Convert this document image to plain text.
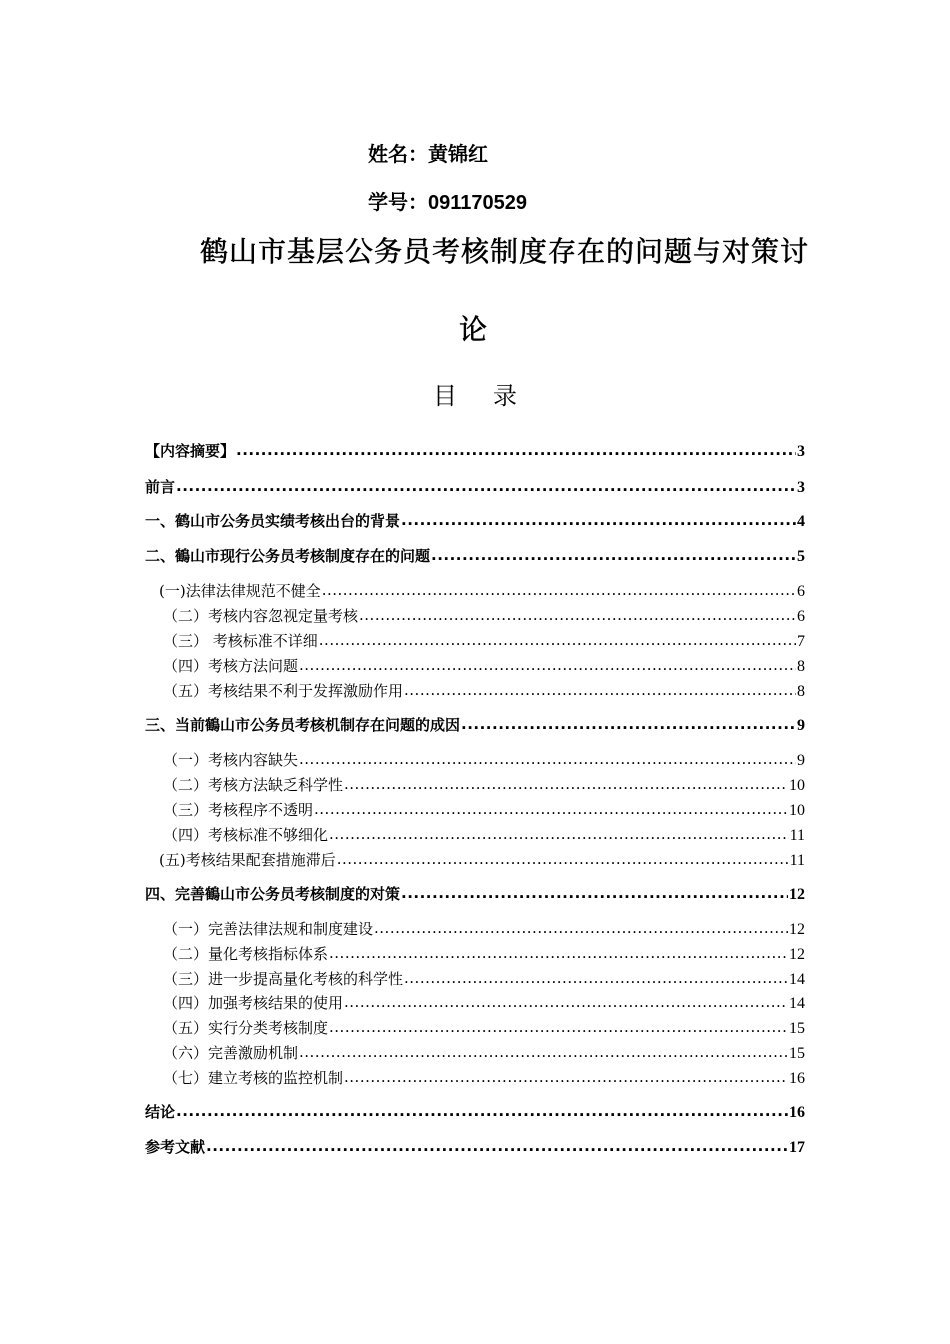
姓名：黄锦红
学号：091170529
鹤山市基层公务员考核制度存在的问题与对策讨
论
目 录
【内容摘要】 .....	3
前言 .....	3
一、鹤山市公务员实绩考核出台的背景 .....	4
二、鶴山市现行公务员考核制度存在的问题 .....	5
(一)法律法律规范不健全 .....	6
（二）考核内容忽视定量考核 .....	6
（三） 考核标准不详细 .....	7
（四）考核方法问题 .....	8
（五）考核结果不利于发挥激励作用 .....	8
三、当前鶴山市公务员考核机制存在问题的成因 .....	9
（一）考核内容缺失 .....	9
（二）考核方法缺乏科学性 .....	10
（三）考核程序不透明 .....	10
（四）考核标准不够细化 .....	11
(五)考核结果配套措施滞后 .....	11
四、完善鶴山市公务员考核制度的对策 .....	12
（一）完善法律法规和制度建设 .....	12
（二）量化考核指标体系 .....	12
（三）进一步提高量化考核的科学性 .....	14
（四）加强考核结果的使用 .....	14
（五）实行分类考核制度 .....	15
（六）完善激励机制 .....	15
（七）建立考核的监控机制 .....	16
结论 .....	16
参考文献 .....	17
